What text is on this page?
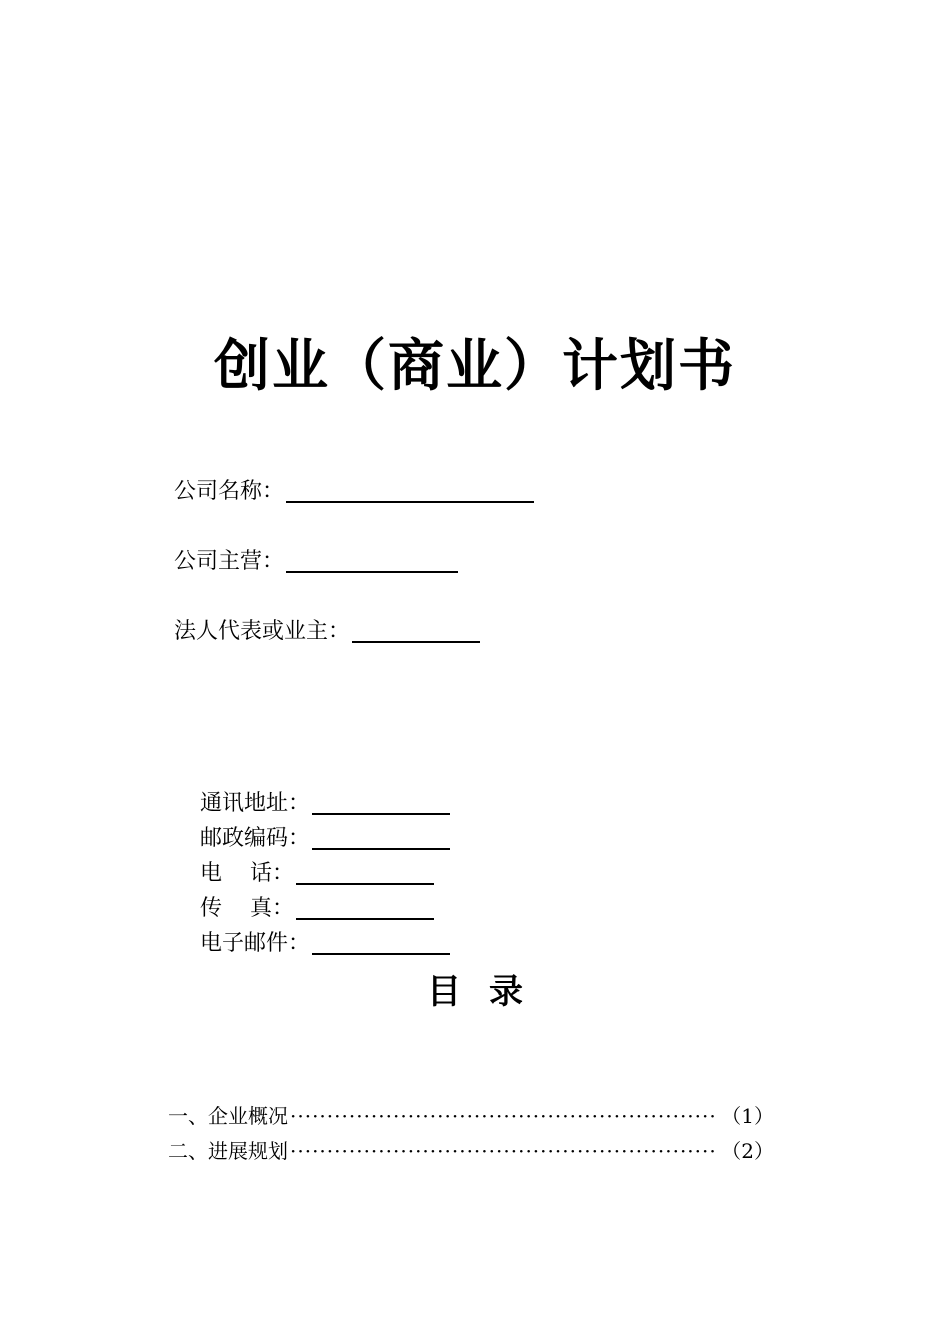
创业（商业）计划书
公司名称：
公司主营：
法人代表或业主：
通讯地址：
邮政编码：
电    话：
传    真：
电子邮件：
目录
一、企业概况 ·····	（1）
二、进展规划 ·····	（2）
